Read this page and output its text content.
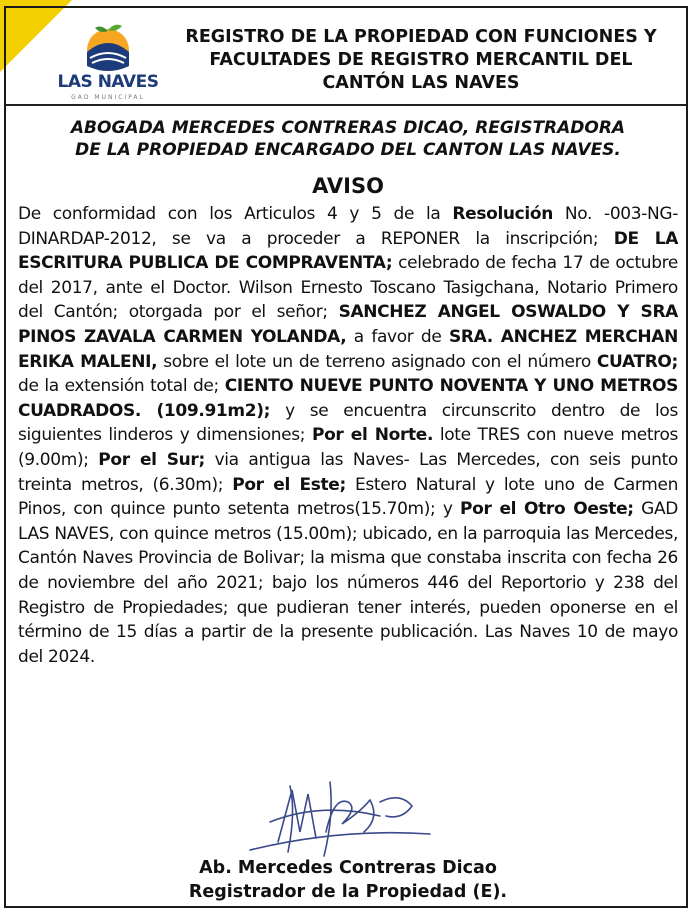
LAS NAVES
GAD MUNICIPAL
REGISTRO DE LA PROPIEDAD CON FUNCIONES Y
FACULTADES DE REGISTRO MERCANTIL DEL
CANTÓN LAS NAVES
ABOGADA MERCEDES CONTRERAS DICAO, REGISTRADORA
DE LA PROPIEDAD ENCARGADO DEL CANTON LAS NAVES.
AVISO
De conformidad con los Articulos 4 y 5 de la Resolución No. -003-NG- DINARDAP-2012, se va a proceder a REPONER la inscripción; DE LA ESCRITURA PUBLICA DE COMPRAVENTA; celebrado de fecha 17 de octubre del 2017, ante el Doctor. Wilson Ernesto Toscano Tasigchana, Notario Primero del Cantón; otorgada por el señor; SANCHEZ ANGEL OSWALDO Y SRA PINOS ZAVALA CARMEN YOLANDA, a favor de SRA. ANCHEZ MERCHAN ERIKA MALENI, sobre el lote un de terreno asignado con el número CUATRO; de la extensión total de; CIENTO NUEVE PUNTO NOVENTA Y UNO METROS CUADRADOS. (109.91m2); y se encuentra circunscrito dentro de los siguientes linderos y dimensiones; Por el Norte. lote TRES con nueve metros (9.00m); Por el Sur; via antigua las Naves- Las Mercedes, con seis punto treinta metros, (6.30m); Por el Este; Estero Natural y lote uno de Carmen Pinos, con quince punto setenta metros(15.70m); y Por el Otro Oeste; GAD LAS NAVES, con quince metros (15.00m); ubicado, en la parroquia las Mercedes, Cantón Naves Provincia de Bolivar; la misma que constaba inscrita con fecha 26 de noviembre del año 2021; bajo los números 446 del Reportorio y 238 del Registro de Propiedades; que pudieran tener interés, pueden oponerse en el término de 15 días a partir de la presente publicación. Las Naves 10 de mayo del 2024.
Ab. Mercedes Contreras Dicao
Registrador de la Propiedad (E).
